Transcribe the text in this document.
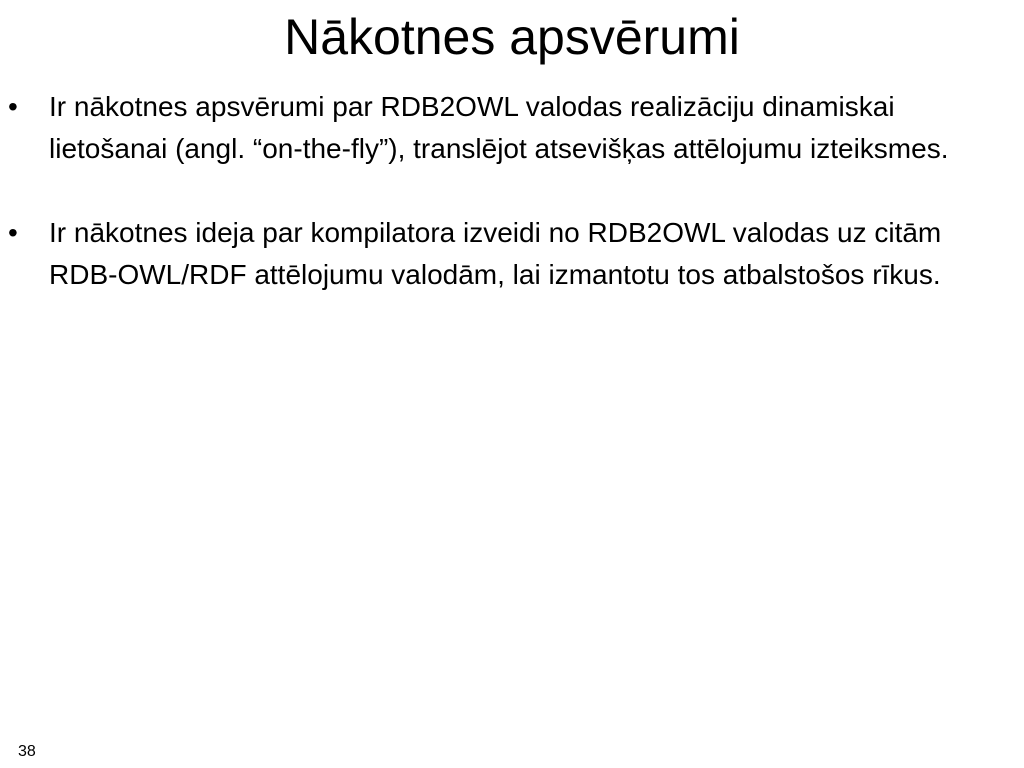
Nākotnes apsvērumi
• Ir nākotnes apsvērumi par RDB2OWL valodas realizāciju dinamiskai lietošanai (angl. “on-the-fly”), translējot atsevišķas attēlojumu izteiksmes.
• Ir nākotnes ideja par kompilatora izveidi no RDB2OWL valodas uz citām RDB-OWL/RDF attēlojumu valodām, lai izmantotu tos atbalstošos rīkus.
38
